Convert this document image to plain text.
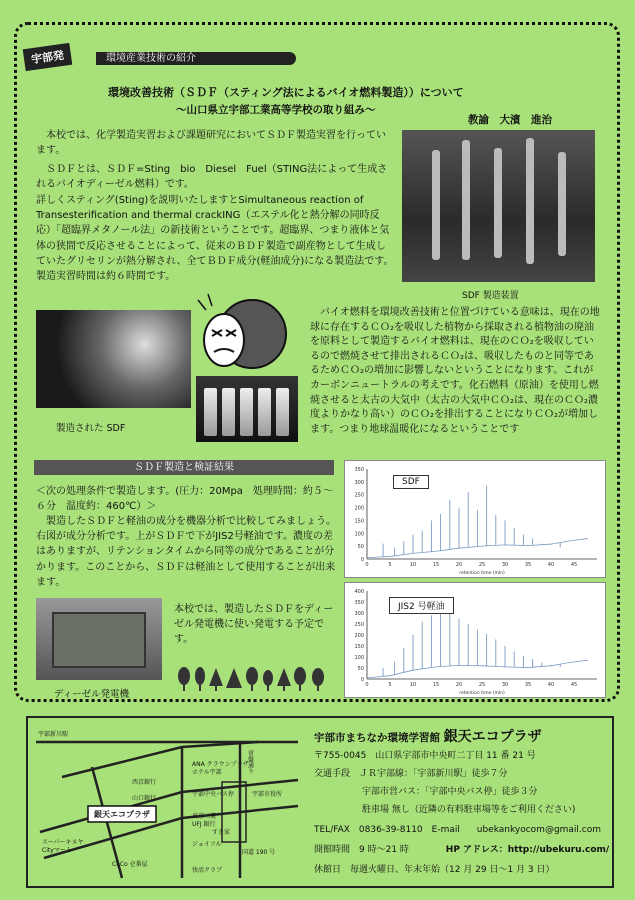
宇部発	環境産業技術の紹介
環境改善技術（ＳＤＦ（スティング法によるバイオ燃料製造））について
〜山口県立宇部工業高等学校の取り組み〜
教諭　大濱　進治
　本校では、化学製造実習および課題研究においてＳＤＦ製造実習を行っています。
　ＳＤＦとは、ＳＤＦ=Sting　bio　Diesel　Fuel（STING法によって生成されるバイオディーゼル燃料）です。
詳しくスティング(Sting)を説明いたしますとSimultaneous reaction of Transesterification and thermal crackING（エステル化と熱分解の同時反応）「超臨界メタノール法」の新技術ということです。超臨界、つまり液体と気体の狭間で反応させることによって、従来のＢＤＦ製造で副産物として生成していたグリセリンが熱分解され、全てＢＤＦ成分(軽油成分)になる製造法です。製造実習時間は約６時間です。
SDF 製造装置
製造された SDF
　バイオ燃料を環境改善技術と位置づけている意味は、現在の地球に存在するＣＯ₂を吸収した植物から採取される植物油の廃油を原料として製造するバイオ燃料は、現在のＣＯ₂を吸収しているので燃焼させて排出されるＣＯ₂は、吸収したものと同等であるためＣＯ₂の増加に影響しないということになります。これがカーボンニュートラルの考えです。化石燃料（原油）を使用し燃焼させると太古の大気中（太古の大気中ＣＯ₂は、現在のＣＯ₂濃度よりかなり高い）のＣＯ₂を排出することになりＣＯ₂が増加します。つまり地球温暖化になるということです
ＳＤＦ製造と検証結果
＜次の処理条件で製造します。(圧力：20Mpa　処理時間：約５〜６分　温度約：460℃）＞
　製造したＳＤＦと軽油の成分を機器分析で比較してみましょう。右図が成分分析です。上がＳＤＦで下がJIS2号軽油です。濃度の差はありますが、リテンションタイムから同等の成分であることが分かります。このことから、ＳＤＦは軽油として使用することが出来ます。
ディーゼル発電機
本校では、製造したＳＤＦをディーゼル発電機に使い発電する予定です。
0
50
100
150
200
250
300
350
0	5	10	15	20	25	30	35	40	45
retention time (min)
SDF
0
50
100
150
200
250
300
350
400
0	5	10	15	20	25	30	35	40	45
retention time (min)
JIS2 号軽油
宇部新川駅
銀天エコプラザ
ANA クラウンプラザ
ホテル宇部
西京銀行
山口銀行
宇部中央バス停
東京三菱
UFJ 銀行
宇部市役所
国道 190 号
スーパーキヌヤ
Cityマート
ジョイフル
CoCo 壱番屋
快活クラブ
すき家
常盤通り
宇部市まちなか環境学習館 銀天エコプラザ
〒755-0045　山口県宇部市中央町二丁目 11 番 21 号
交通手段　ＪＲ宇部線：「宇部新川駅」徒歩７分
宇部市営バス：「宇部中央バス停」徒歩３分
駐車場 無し（近隣の有料駐車場等をご利用ください)
TEL/FAX　0836-39-8110　E-mail ubekankyocom@gmail.com
開館時間　9 時〜21 時	HP アドレス：http://ubekuru.com/
休館日　毎週火曜日、年末年始（12 月 29 日〜1 月 3 日）
